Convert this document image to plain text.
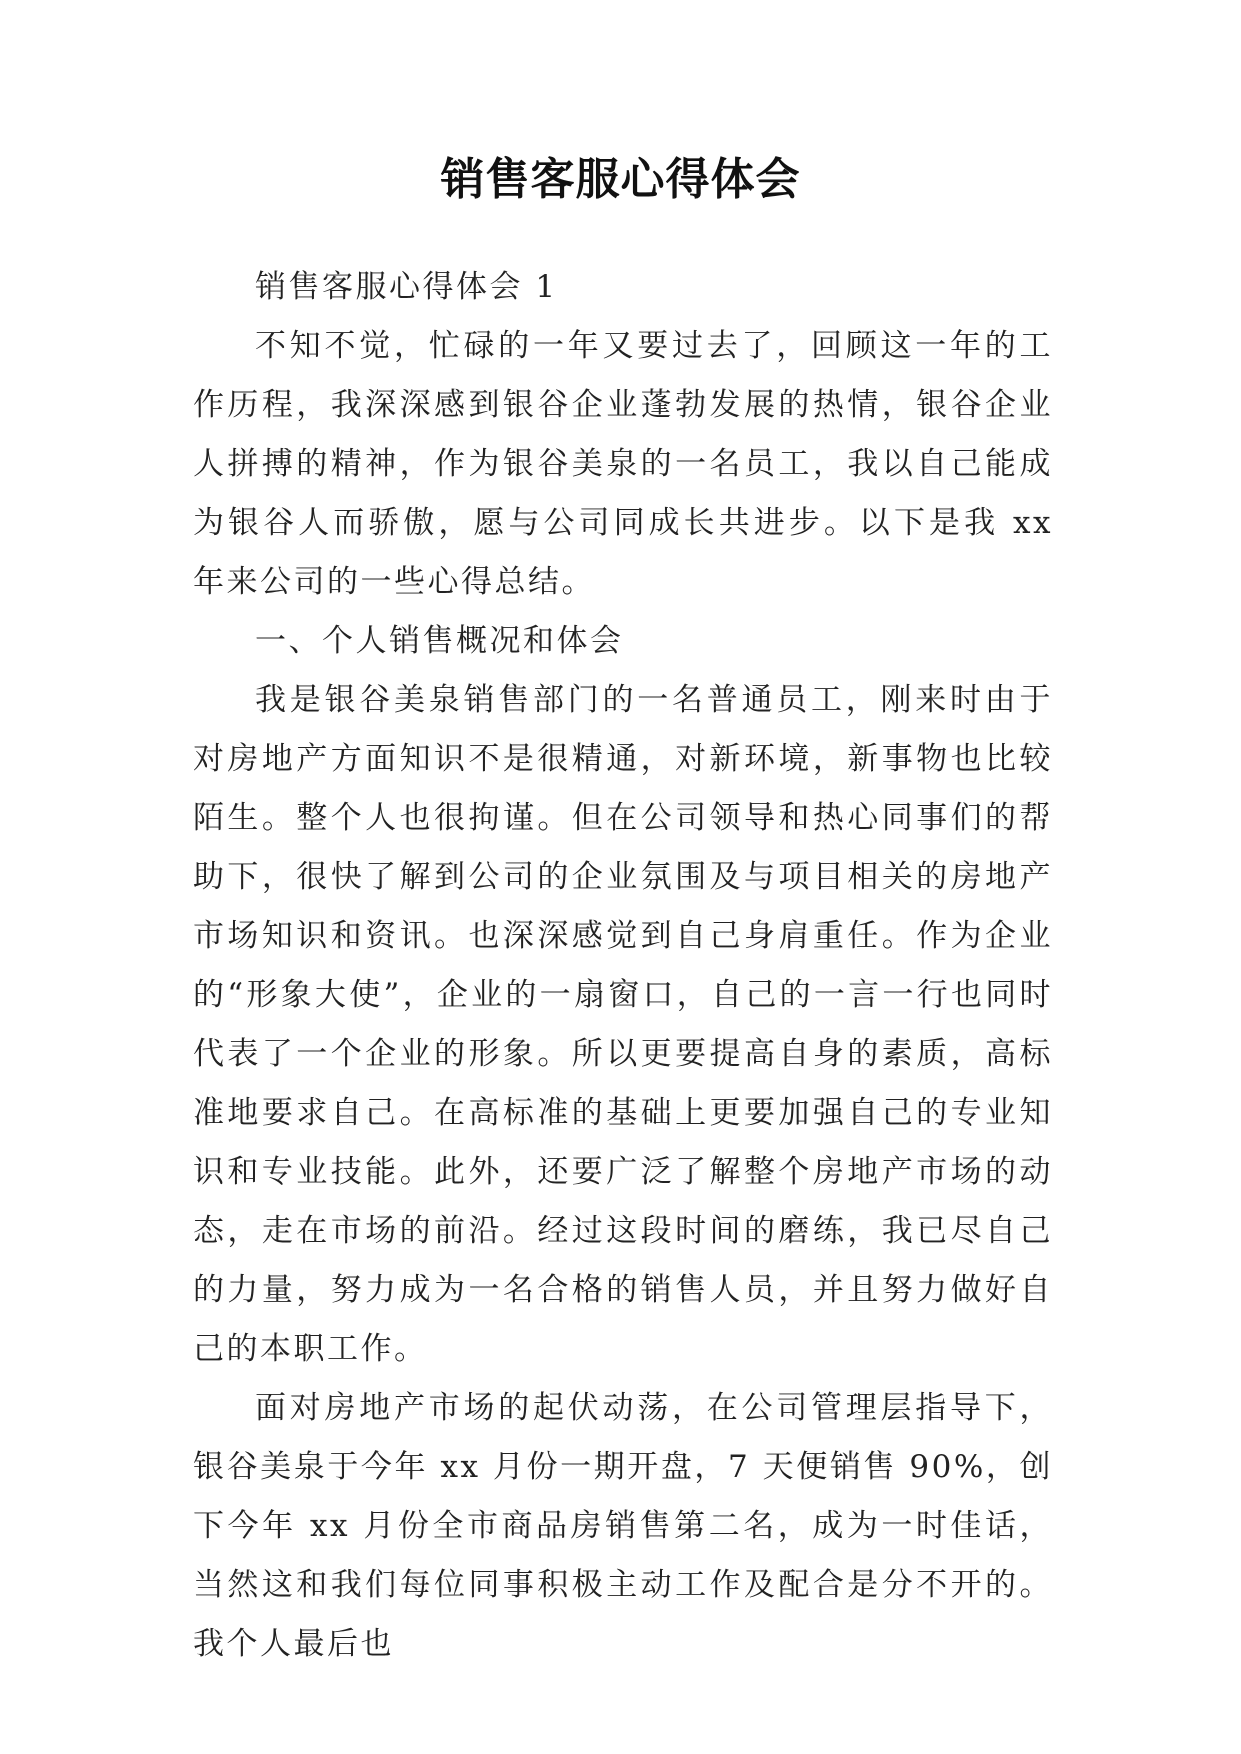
销售客服心得体会

销售客服心得体会 1

不知不觉，忙碌的一年又要过去了，回顾这一年的工作历程，我深深感到银谷企业蓬勃发展的热情，银谷企业人拼搏的精神，作为银谷美泉的一名员工，我以自己能成为银谷人而骄傲，愿与公司同成长共进步。以下是我 xx 年来公司的一些心得总结。

一、个人销售概况和体会

我是银谷美泉销售部门的一名普通员工，刚来时由于对房地产方面知识不是很精通，对新环境，新事物也比较陌生。整个人也很拘谨。但在公司领导和热心同事们的帮助下，很快了解到公司的企业氛围及与项目相关的房地产市场知识和资讯。也深深感觉到自己身肩重任。作为企业的“形象大使”，企业的一扇窗口，自己的一言一行也同时代表了一个企业的形象。所以更要提高自身的素质，高标准地要求自己。在高标准的基础上更要加强自己的专业知识和专业技能。此外，还要广泛了解整个房地产市场的动态，走在市场的前沿。经过这段时间的磨练，我已尽自己的力量，努力成为一名合格的销售人员，并且努力做好自己的本职工作。

面对房地产市场的起伏动荡，在公司管理层指导下，银谷美泉于今年 xx 月份一期开盘，7 天便销售 90%，创下今年 xx 月份全市商品房销售第二名，成为一时佳话，当然这和我们每位同事积极主动工作及配合是分不开的。我个人最后也
